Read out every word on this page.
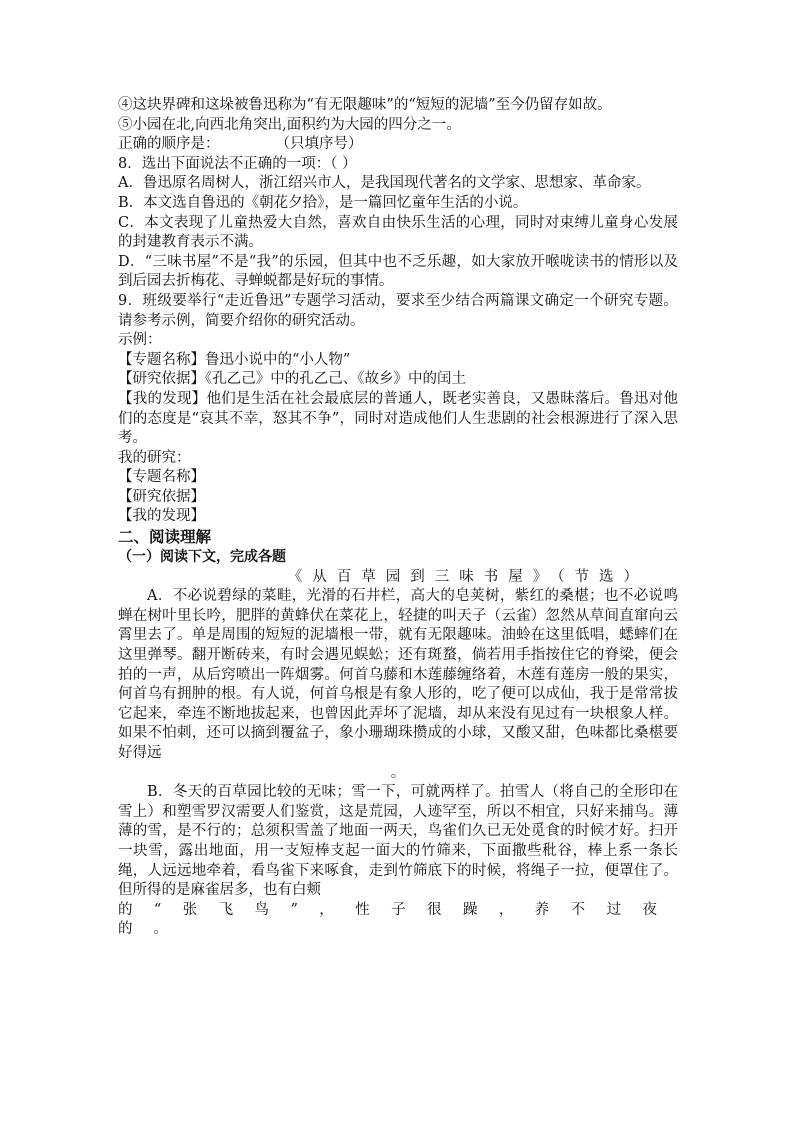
④这块界碑和这垛被鲁迅称为“有无限趣味”的“短短的泥墙”至今仍留存如故。

⑤小园在北,向西北角突出,面积约为大园的四分之一。

正确的顺序是：	（只填序号）

8．选出下面说法不正确的一项：（ ）

A．鲁迅原名周树人，浙江绍兴市人，是我国现代著名的文学家、思想家、革命家。

B．本文选自鲁迅的《朝花夕拾》，是一篇回忆童年生活的小说。

C．本文表现了儿童热爱大自然，喜欢自由快乐生活的心理，同时对束缚儿童身心发展的封建教育表示不满。

D．“三味书屋”不是“我”的乐园，但其中也不乏乐趣，如大家放开喉咙读书的情形以及到后园去折梅花、寻蝉蜕都是好玩的事情。

9．班级要举行“走近鲁迅”专题学习活动，要求至少结合两篇课文确定一个研究专题。请参考示例，简要介绍你的研究活动。

示例：

【专题名称】鲁迅小说中的“小人物”

【研究依据】《孔乙己》中的孔乙己、《故乡》中的闰土

【我的发现】他们是生活在社会最底层的普通人，既老实善良，又愚昧落后。鲁迅对他们的态度是“哀其不幸，怒其不争”，同时对造成他们人生悲剧的社会根源进行了深入思考。

我的研究：

【专题名称】

【研究依据】

【我的发现】

二、阅读理解

（一）阅读下文，完成各题

《从百草园到三味书屋》（节选）

A．不必说碧绿的菜畦，光滑的石井栏，高大的皂荚树，紫红的桑椹；也不必说鸣蝉在树叶里长吟，肥胖的黄蜂伏在菜花上，轻捷的叫天子（云雀）忽然从草间直窜向云霄里去了。单是周围的短短的泥墙根一带，就有无限趣味。油蛉在这里低唱，蟋蟀们在这里弹琴。翻开断砖来，有时会遇见蜈蚣；还有斑蝥，倘若用手指按住它的脊梁，便会拍的一声，从后窍喷出一阵烟雾。何首乌藤和木莲藤缠络着，木莲有莲房一般的果实，何首乌有拥肿的根。有人说，何首乌根是有象人形的，吃了便可以成仙，我于是常常拔它起来，牵连不断地拔起来，也曾因此弄坏了泥墙，却从来没有见过有一块根象人样。如果不怕刺，还可以摘到覆盆子，象小珊瑚珠攒成的小球，又酸又甜，色味都比桑椹要好得远

。

B．冬天的百草园比较的无味；雪一下，可就两样了。拍雪人（将自己的全形印在雪上）和塑雪罗汉需要人们鉴赏，这是荒园，人迹罕至，所以不相宜，只好来捕鸟。薄薄的雪，是不行的；总须积雪盖了地面一两天，鸟雀们久已无处觅食的时候才好。扫开一块雪，露出地面，用一支短棒支起一面大的竹筛来，下面撒些秕谷，棒上系一条长绳，人远远地牵着，看鸟雀下来啄食，走到竹筛底下的时候，将绳子一拉，便罩住了。但所得的是麻雀居多，也有白颊

的“张飞鸟”，性子很躁，养不过夜的。
